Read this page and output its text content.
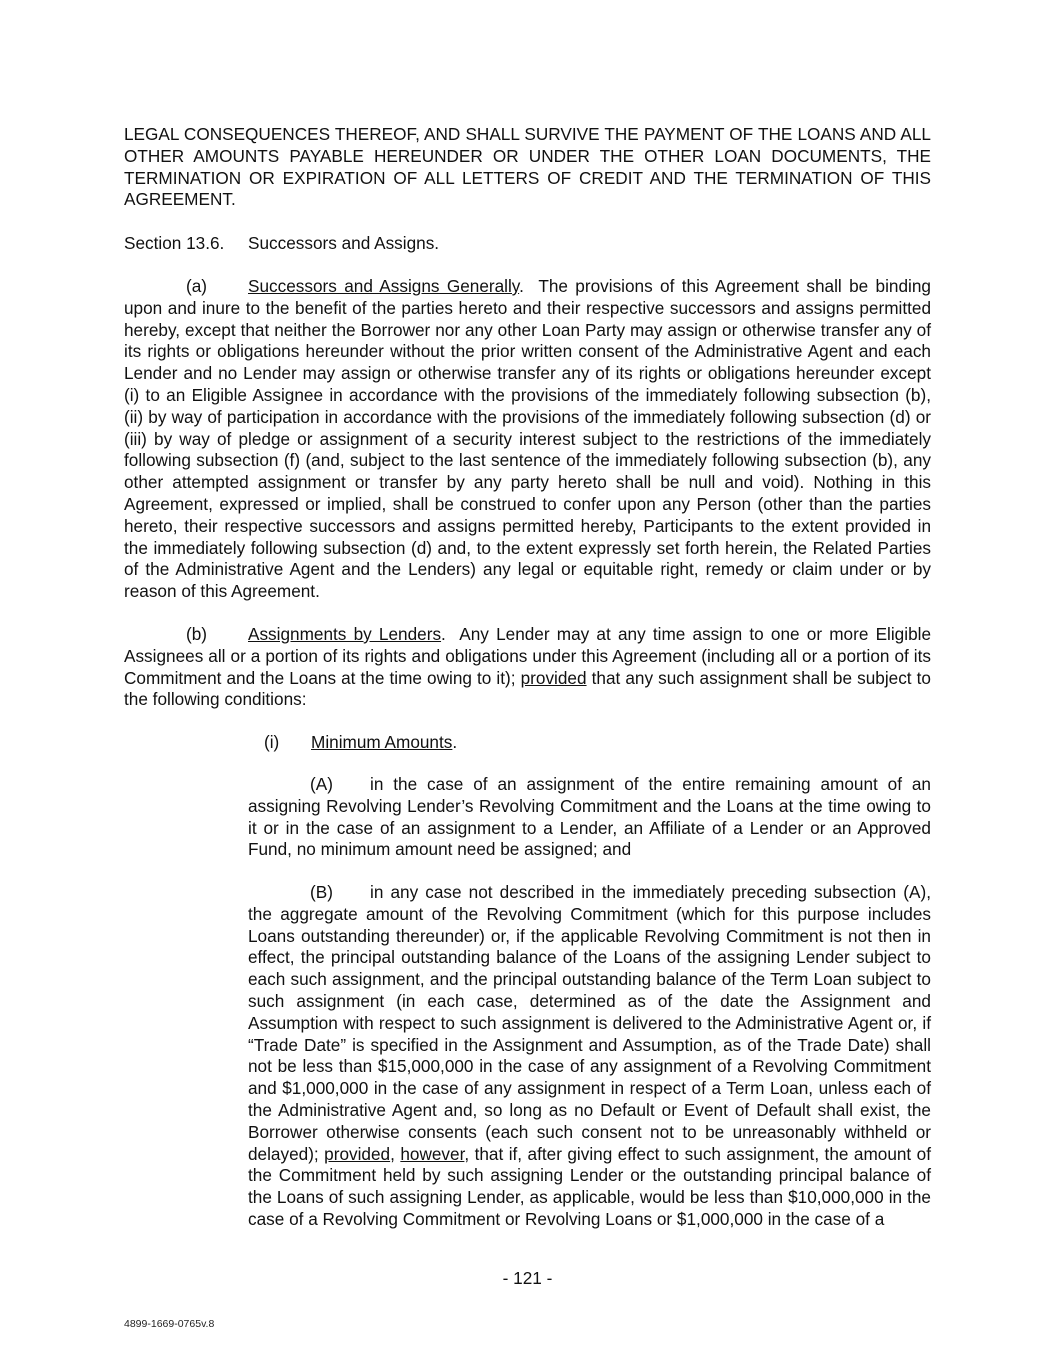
LEGAL CONSEQUENCES THEREOF, AND SHALL SURVIVE THE PAYMENT OF THE LOANS AND ALL OTHER AMOUNTS PAYABLE HEREUNDER OR UNDER THE OTHER LOAN DOCUMENTS, THE TERMINATION OR EXPIRATION OF ALL LETTERS OF CREDIT AND THE TERMINATION OF THIS AGREEMENT.
Section 13.6. Successors and Assigns.
(a) Successors and Assigns Generally. The provisions of this Agreement shall be binding upon and inure to the benefit of the parties hereto and their respective successors and assigns permitted hereby, except that neither the Borrower nor any other Loan Party may assign or otherwise transfer any of its rights or obligations hereunder without the prior written consent of the Administrative Agent and each Lender and no Lender may assign or otherwise transfer any of its rights or obligations hereunder except (i) to an Eligible Assignee in accordance with the provisions of the immediately following subsection (b), (ii) by way of participation in accordance with the provisions of the immediately following subsection (d) or (iii) by way of pledge or assignment of a security interest subject to the restrictions of the immediately following subsection (f) (and, subject to the last sentence of the immediately following subsection (b), any other attempted assignment or transfer by any party hereto shall be null and void). Nothing in this Agreement, expressed or implied, shall be construed to confer upon any Person (other than the parties hereto, their respective successors and assigns permitted hereby, Participants to the extent provided in the immediately following subsection (d) and, to the extent expressly set forth herein, the Related Parties of the Administrative Agent and the Lenders) any legal or equitable right, remedy or claim under or by reason of this Agreement.
(b) Assignments by Lenders. Any Lender may at any time assign to one or more Eligible Assignees all or a portion of its rights and obligations under this Agreement (including all or a portion of its Commitment and the Loans at the time owing to it); provided that any such assignment shall be subject to the following conditions:
(i) Minimum Amounts.
(A) in the case of an assignment of the entire remaining amount of an assigning Revolving Lender’s Revolving Commitment and the Loans at the time owing to it or in the case of an assignment to a Lender, an Affiliate of a Lender or an Approved Fund, no minimum amount need be assigned; and
(B) in any case not described in the immediately preceding subsection (A), the aggregate amount of the Revolving Commitment (which for this purpose includes Loans outstanding thereunder) or, if the applicable Revolving Commitment is not then in effect, the principal outstanding balance of the Loans of the assigning Lender subject to each such assignment, and the principal outstanding balance of the Term Loan subject to such assignment (in each case, determined as of the date the Assignment and Assumption with respect to such assignment is delivered to the Administrative Agent or, if “Trade Date” is specified in the Assignment and Assumption, as of the Trade Date) shall not be less than $15,000,000 in the case of any assignment of a Revolving Commitment and $1,000,000 in the case of any assignment in respect of a Term Loan, unless each of the Administrative Agent and, so long as no Default or Event of Default shall exist, the Borrower otherwise consents (each such consent not to be unreasonably withheld or delayed); provided, however, that if, after giving effect to such assignment, the amount of the Commitment held by such assigning Lender or the outstanding principal balance of the Loans of such assigning Lender, as applicable, would be less than $10,000,000 in the case of a Revolving Commitment or Revolving Loans or $1,000,000 in the case of a
- 121 -
4899-1669-0765v.8
